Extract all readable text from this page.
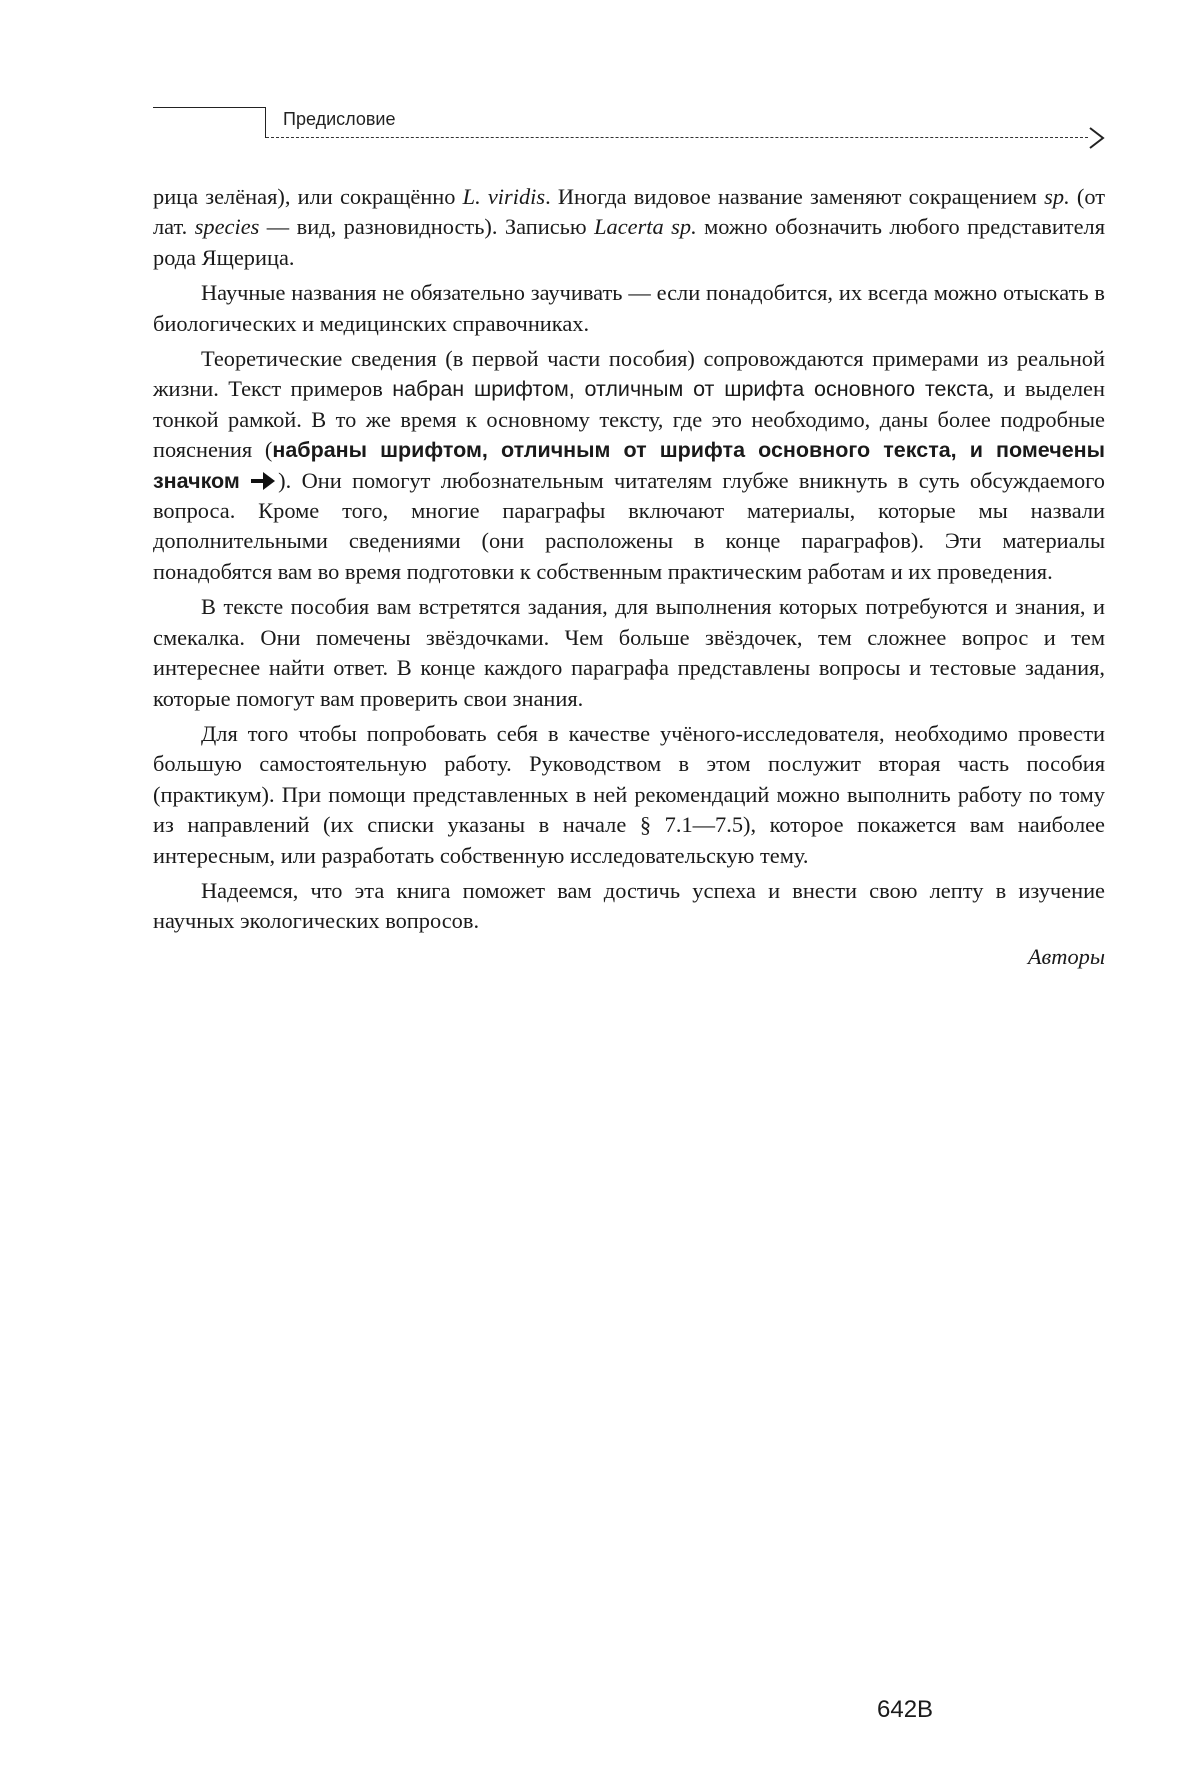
Предисловие

рица зелёная), или сокращённо L. viridis. Иногда видовое название заменяют сокращением sp. (от лат. species — вид, разновидность). Записью Lacerta sp. можно обозначить любого представителя рода Ящерица.

Научные названия не обязательно заучивать — если понадобится, их всегда можно отыскать в биологических и медицинских справочниках.

Теоретические сведения (в первой части пособия) сопровождаются примерами из реальной жизни. Текст примеров набран шрифтом, отличным от шрифта основного текста, и выделен тонкой рамкой. В то же время к основному тексту, где это необходимо, даны более подробные пояснения (набраны шрифтом, отличным от шрифта основного текста, и помечены значком ). Они помогут любознательным читателям глубже вникнуть в суть обсуждаемого вопроса. Кроме того, многие параграфы включают материалы, которые мы назвали дополнительными сведениями (они расположены в конце параграфов). Эти материалы понадобятся вам во время подготовки к собственным практическим работам и их проведения.

В тексте пособия вам встретятся задания, для выполнения которых потребуются и знания, и смекалка. Они помечены звёздочками. Чем больше звёздочек, тем сложнее вопрос и тем интереснее найти ответ. В конце каждого параграфа представлены вопросы и тестовые задания, которые помогут вам проверить свои знания.

Для того чтобы попробовать себя в качестве учёного-исследователя, необходимо провести большую самостоятельную работу. Руководством в этом послужит вторая часть пособия (практикум). При помощи представленных в ней рекомендаций можно выполнить работу по тому из направлений (их списки указаны в начале § 7.1—7.5), которое покажется вам наиболее интересным, или разработать собственную исследовательскую тему.

Надеемся, что эта книга поможет вам достичь успеха и внести свою лепту в изучение научных экологических вопросов.

Авторы

642B
